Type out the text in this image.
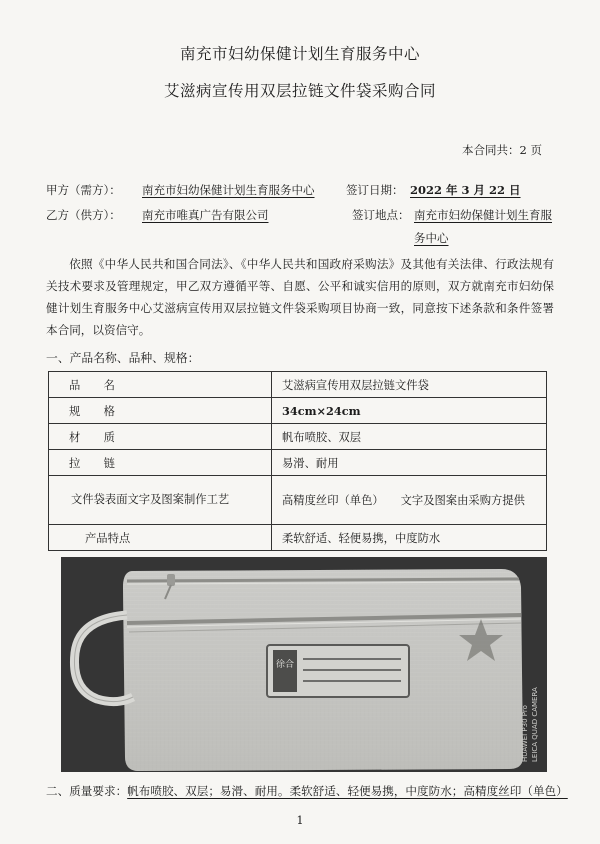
南充市妇幼保健计划生育服务中心
艾滋病宣传用双层拉链文件袋采购合同
本合同共：2 页
甲方（需方）： 南充市妇幼保健计划生育服务中心	签订日期： 2022 年 3 月 22 日
乙方（供方）： 南充市唯真广告有限公司	签订地点： 南充市妇幼保健计划生育服
务中心
依照《中华人民共和国合同法》、《中华人民共和国政府采购法》及其他有关法律、行政法规有关技术要求及管理规定，甲乙双方遵循平等、自愿、公平和诚实信用的原则，双方就南充市妇幼保健计划生育服务中心艾滋病宣传用双层拉链文件袋采购项目协商一致，同意按下述条款和条件签署本合同，以资信守。
一、产品名称、品种、规格：
品　名	艾滋病宣传用双层拉链文件袋
规　格	34cm×24cm
材　质	帆布喷胶、双层
拉　链	易滑、耐用
文件袋表面文字及图案制作工艺	高精度丝印（单色）　　文字及图案由采购方提供
产品特点	柔软舒适、轻便易携，中度防水
徐合
HUAWEI P30 Pro LEICA QUAD CAMERA
二、质量要求：帆布喷胶、双层；易滑、耐用。柔软舒适、轻便易携，中度防水；高精度丝印（单色）
1
